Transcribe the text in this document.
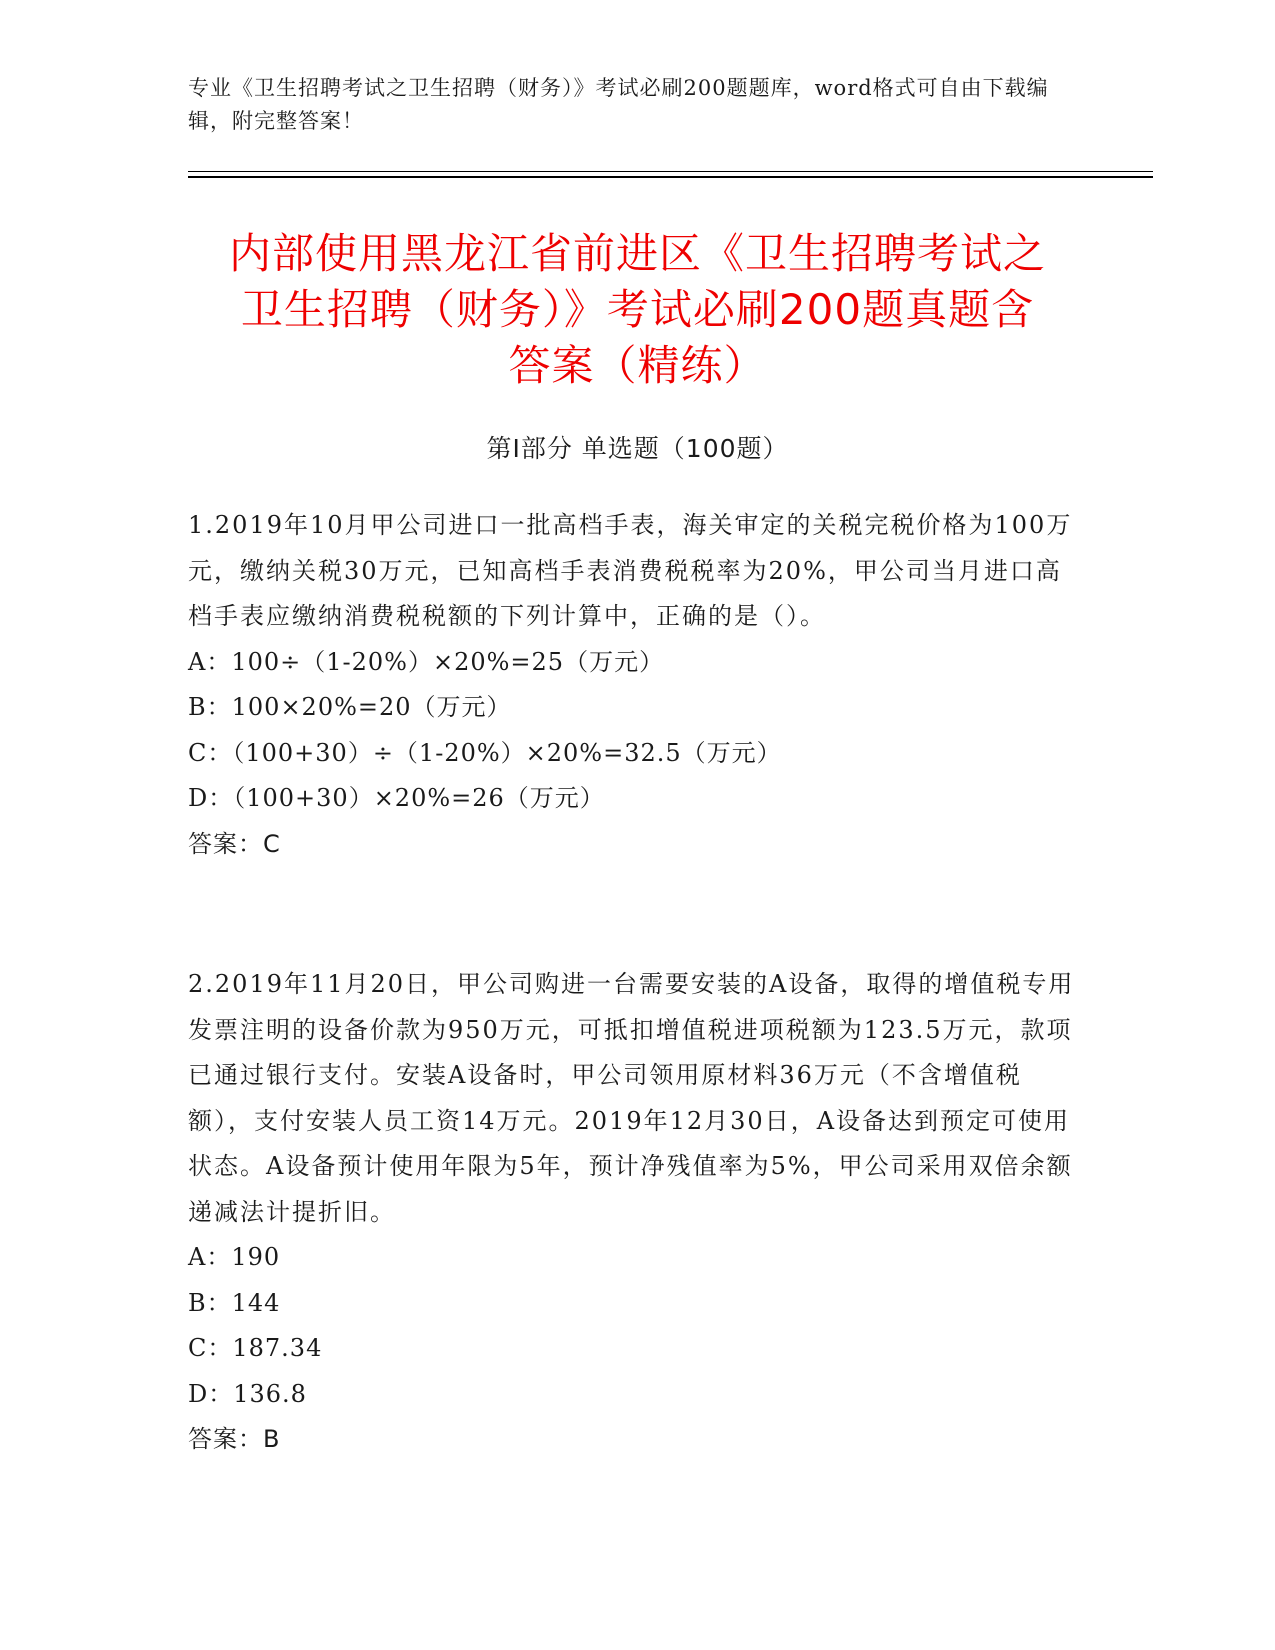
专业《卫生招聘考试之卫生招聘（财务）》考试必刷200题题库，word格式可自由下载编辑，附完整答案！
内部使用黑龙江省前进区《卫生招聘考试之
卫生招聘（财务）》考试必刷200题真题含
答案（精练）
第Ⅰ部分 单选题（100题）
1.2019年10月甲公司进口一批高档手表，海关审定的关税完税价格为100万元，缴纳关税30万元，已知高档手表消费税税率为20%，甲公司当月进口高档手表应缴纳消费税税额的下列计算中，正确的是（）。
A：100÷（1-20%）×20%=25（万元）
B：100×20%=20（万元）
C：（100+30）÷（1-20%）×20%=32.5（万元）
D：（100+30）×20%=26（万元）
答案：C
2.2019年11月20日，甲公司购进一台需要安装的A设备，取得的增值税专用发票注明的设备价款为950万元，可抵扣增值税进项税额为123.5万元，款项已通过银行支付。安装A设备时，甲公司领用原材料36万元（不含增值税额），支付安装人员工资14万元。2019年12月30日，A设备达到预定可使用状态。A设备预计使用年限为5年，预计净残值率为5%，甲公司采用双倍余额递减法计提折旧。
A：190
B：144
C：187.34
D：136.8
答案：B
